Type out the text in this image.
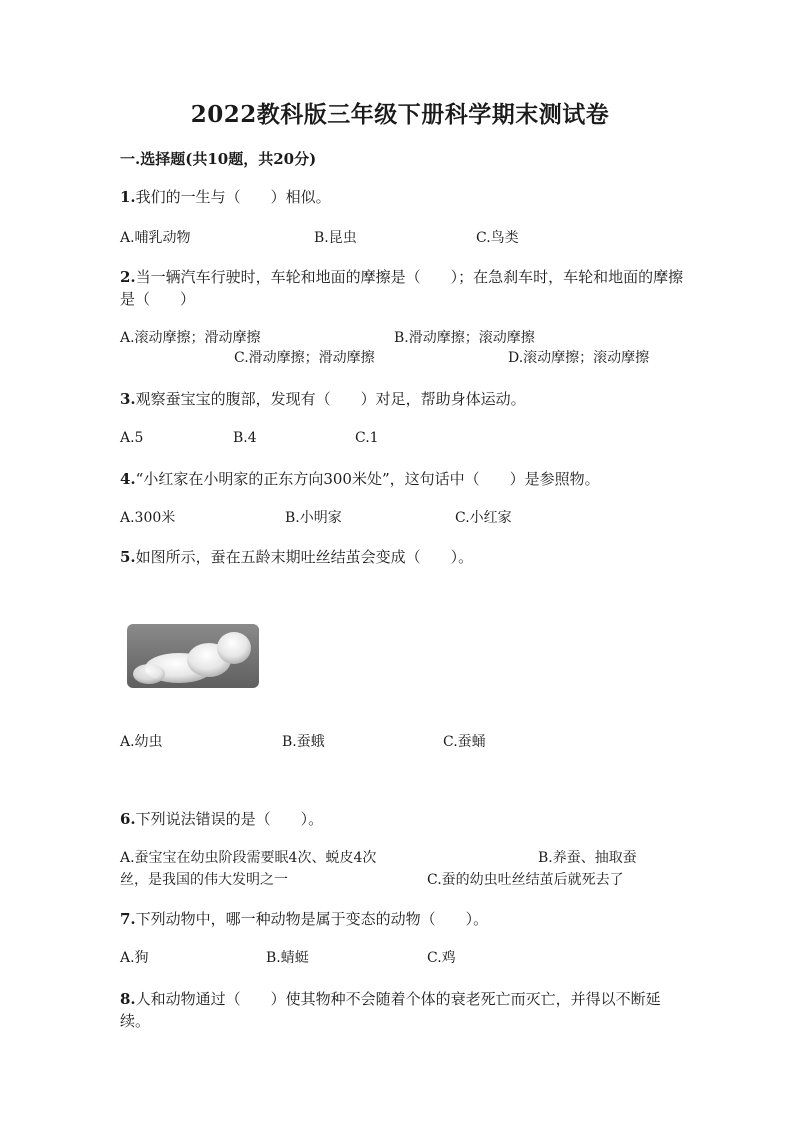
2022教科版三年级下册科学期末测试卷
一.选择题(共10题，共20分)
1.我们的一生与（　　）相似。
A.哺乳动物	B.昆虫	C.鸟类
2.当一辆汽车行驶时，车轮和地面的摩擦是（　　）；在急刹车时，车轮和地面的摩擦是（　　）
A.滚动摩擦；滑动摩擦	B.滑动摩擦；滚动摩擦
C.滑动摩擦；滑动摩擦	D.滚动摩擦；滚动摩擦
3.观察蚕宝宝的腹部，发现有（　　）对足，帮助身体运动。
A.5	B.4	C.1
4.“小红家在小明家的正东方向300米处”，这句话中（　　）是参照物。
A.300米	B.小明家	C.小红家
5.如图所示，蚕在五龄末期吐丝结茧会变成（　　）。
A.幼虫	B.蚕蛾	C.蚕蛹
6.下列说法错误的是（　　）。
A.蚕宝宝在幼虫阶段需要眠4次、蜕皮4次	B.养蚕、抽取蚕
丝，是我国的伟大发明之一	C.蚕的幼虫吐丝结茧后就死去了
7.下列动物中，哪一种动物是属于变态的动物（　　）。
A.狗	B.蜻蜓	C.鸡
8.人和动物通过（　　）使其物种不会随着个体的衰老死亡而灭亡，并得以不断延续。
